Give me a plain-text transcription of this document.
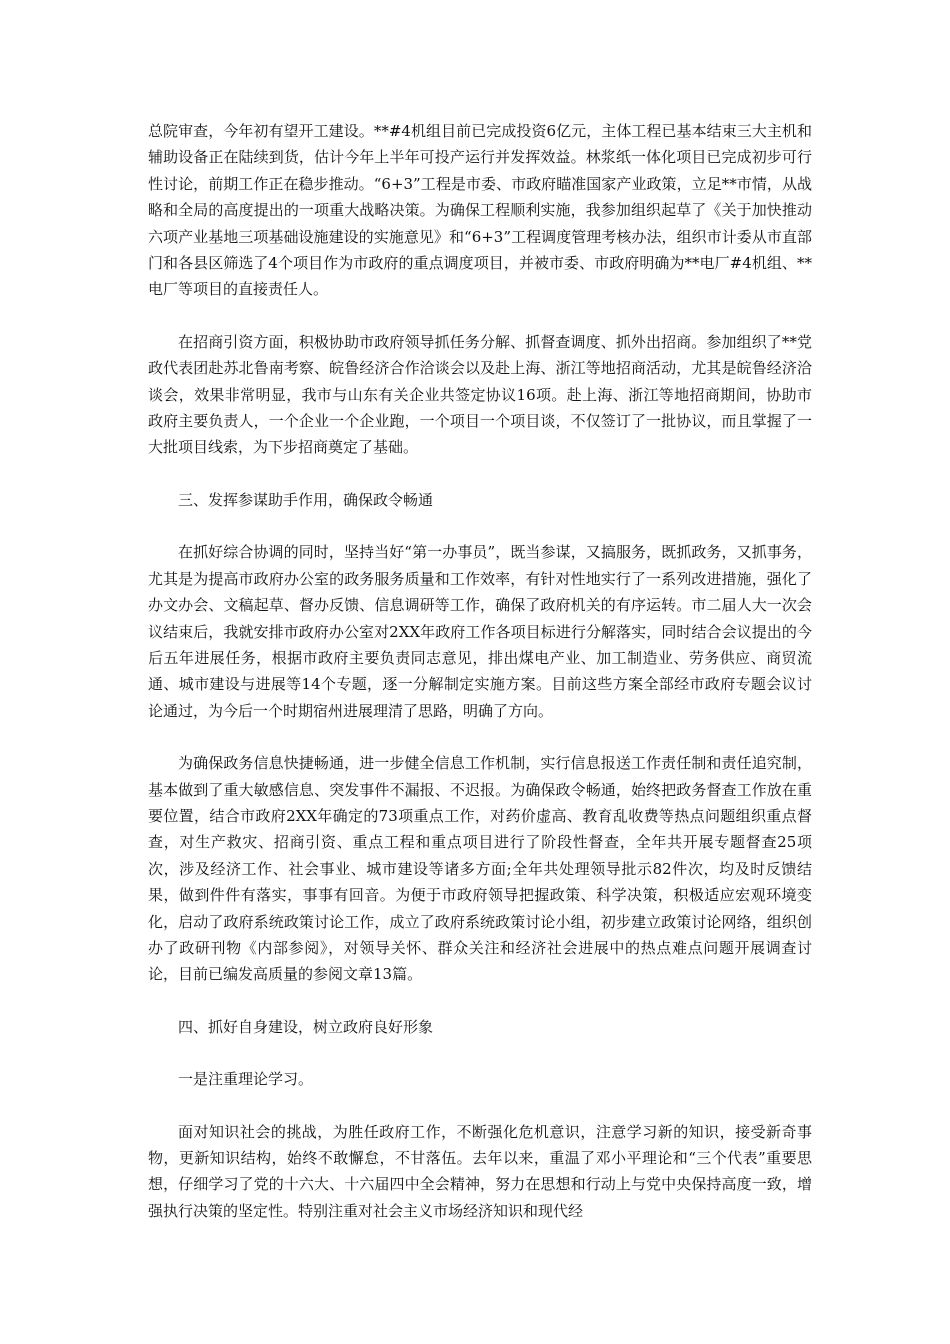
总院审查，今年初有望开工建设。**#4机组目前已完成投资6亿元，主体工程已基本结束三大主机和辅助设备正在陆续到货，估计今年上半年可投产运行并发挥效益。林浆纸一体化项目已完成初步可行性讨论，前期工作正在稳步推动。“6+3”工程是市委、市政府瞄准国家产业政策，立足**市情，从战略和全局的高度提出的一项重大战略决策。为确保工程顺利实施，我参加组织起草了《关于加快推动六项产业基地三项基础设施建设的实施意见》和“6+3”工程调度管理考核办法，组织市计委从市直部门和各县区筛选了4个项目作为市政府的重点调度项目，并被市委、市政府明确为**电厂#4机组、**电厂等项目的直接责任人。

在招商引资方面，积极协助市政府领导抓任务分解、抓督查调度、抓外出招商。参加组织了**党政代表团赴苏北鲁南考察、皖鲁经济合作洽谈会以及赴上海、浙江等地招商活动，尤其是皖鲁经济洽谈会，效果非常明显，我市与山东有关企业共签定协议16项。赴上海、浙江等地招商期间，协助市政府主要负责人，一个企业一个企业跑，一个项目一个项目谈，不仅签订了一批协议，而且掌握了一大批项目线索，为下步招商奠定了基础。

三、发挥参谋助手作用，确保政令畅通

在抓好综合协调的同时，坚持当好“第一办事员”，既当参谋，又搞服务，既抓政务，又抓事务，尤其是为提高市政府办公室的政务服务质量和工作效率，有针对性地实行了一系列改进措施，强化了办文办会、文稿起草、督办反馈、信息调研等工作，确保了政府机关的有序运转。市二届人大一次会议结束后，我就安排市政府办公室对2XX年政府工作各项目标进行分解落实，同时结合会议提出的今后五年进展任务，根据市政府主要负责同志意见，排出煤电产业、加工制造业、劳务供应、商贸流通、城市建设与进展等14个专题，逐一分解制定实施方案。目前这些方案全部经市政府专题会议讨论通过，为今后一个时期宿州进展理清了思路，明确了方向。

为确保政务信息快捷畅通，进一步健全信息工作机制，实行信息报送工作责任制和责任追究制，基本做到了重大敏感信息、突发事件不漏报、不迟报。为确保政令畅通，始终把政务督查工作放在重要位置，结合市政府2XX年确定的73项重点工作，对药价虚高、教育乱收费等热点问题组织重点督查，对生产救灾、招商引资、重点工程和重点项目进行了阶段性督查，全年共开展专题督查25项次，涉及经济工作、社会事业、城市建设等诸多方面;全年共处理领导批示82件次，均及时反馈结果，做到件件有落实，事事有回音。为便于市政府领导把握政策、科学决策，积极适应宏观环境变化，启动了政府系统政策讨论工作，成立了政府系统政策讨论小组，初步建立政策讨论网络，组织创办了政研刊物《内部参阅》，对领导关怀、群众关注和经济社会进展中的热点难点问题开展调查讨论，目前已编发高质量的参阅文章13篇。

四、抓好自身建设，树立政府良好形象

一是注重理论学习。

面对知识社会的挑战，为胜任政府工作，不断强化危机意识，注意学习新的知识，接受新奇事物，更新知识结构，始终不敢懈怠，不甘落伍。去年以来，重温了邓小平理论和“三个代表”重要思想，仔细学习了党的十六大、十六届四中全会精神，努力在思想和行动上与党中央保持高度一致，增强执行决策的坚定性。特别注重对社会主义市场经济知识和现代经
